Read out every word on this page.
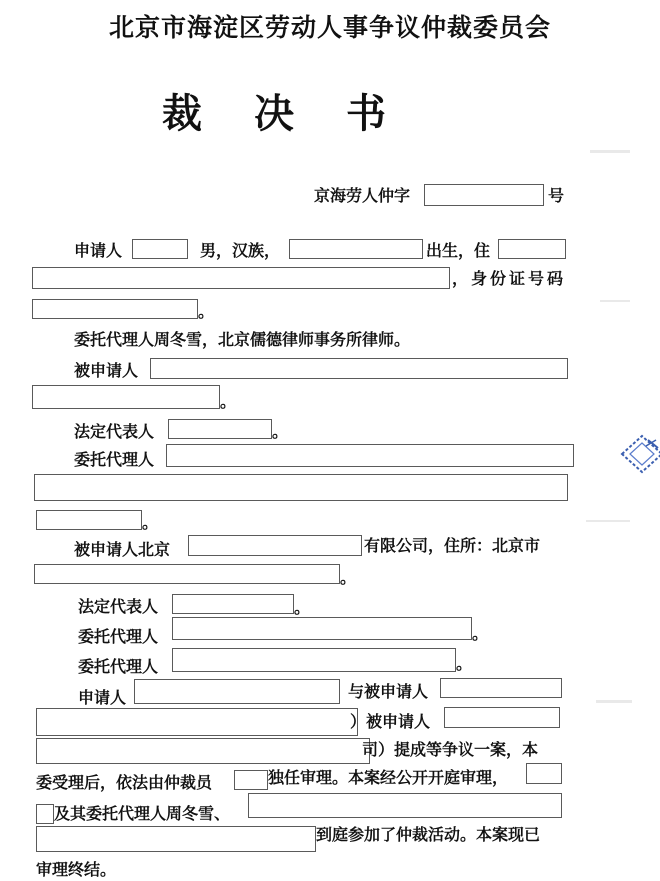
北京市海淀区劳动人事争议仲裁委员会
裁决书
京海劳人仲字	号
申请人	男，汉族，	出生，住
，身份证号码
。
委托代理人周冬雪，北京儒德律师事务所律师。
被申请人
。
法定代表人	。
委托代理人
。
被申请人北京	有限公司，住所：北京市
。
法定代表人	。
委托代理人	。
委托代理人	。
申请人	与被申请人
）被申请人
司）提成等争议一案，本
委受理后，依法由仲裁员	独任审理。本案经公开开庭审理，
及其委托代理人周冬雪、
到庭参加了仲裁活动。本案现已
审理终结。
